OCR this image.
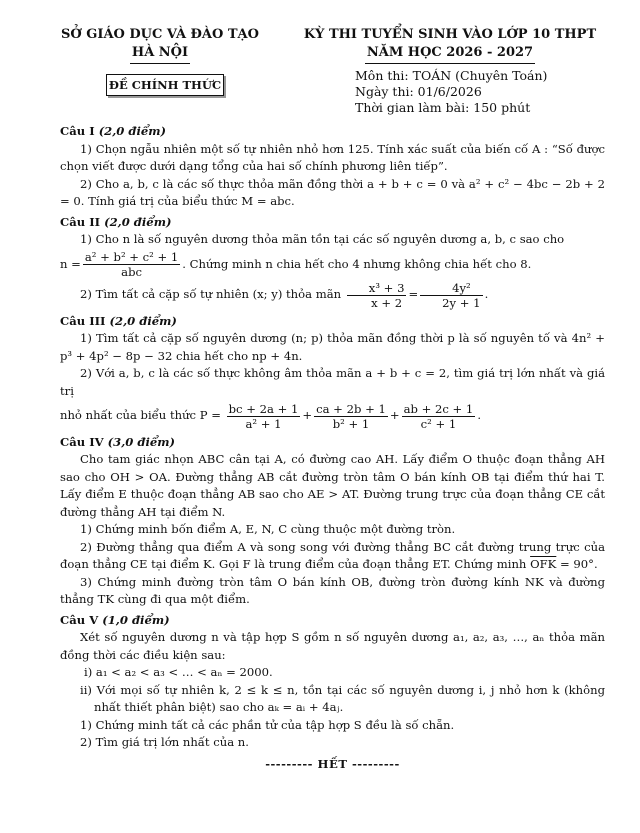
SỞ GIÁO DỤC VÀ ĐÀO TẠO
HÀ NỘI
KỲ THI TUYỂN SINH VÀO LỚP 10 THPT
NĂM HỌC 2026 - 2027
ĐỀ CHÍNH THỨC
Môn thi: TOÁN (Chuyên Toán)
Ngày thi: 01/6/2026
Thời gian làm bài: 150 phút
Câu I (2,0 điểm)

1) Chọn ngẫu nhiên một số tự nhiên nhỏ hơn 125. Tính xác suất của biến cố A : “Số được chọn viết được dưới dạng tổng của hai số chính phương liên tiếp”.

2) Cho a, b, c là các số thực thỏa mãn đồng thời a + b + c = 0 và a² + c² − 4bc − 2b + 2 = 0. Tính giá trị của biểu thức M = abc.

Câu II (2,0 điểm)

1) Cho n là số nguyên dương thỏa mãn tồn tại các số nguyên dương a, b, c sao cho

$n = \frac{\text{a² + b² + c² + 1}}{\text{abc}}$ . Chứng minh n chia hết cho 4 nhưng không chia hết cho 8.

2) Tìm tất cả cặp số tự nhiên (x; y) thỏa mãn $\frac{\text{x³ + 3}}{x + 2} = \frac{\text{4y²}}{2y + 1}$ .

Câu III (2,0 điểm)

1) Tìm tất cả cặp số nguyên dương (n; p) thỏa mãn đồng thời p là số nguyên tố và 4n² + p³ + 4p² − 8p − 32 chia hết cho np + 4n.

2) Với a, b, c là các số thực không âm thỏa mãn a + b + c = 2, tìm giá trị lớn nhất và giá trị

nhỏ nhất của biểu thức $P = \frac{bc + 2a + 1}{\text{a² + 1}} + \frac{ca + 2b + 1}{\text{b² + 1}} + \frac{ab + 2c + 1}{\text{c² + 1}}$ .

Câu IV (3,0 điểm)

Cho tam giác nhọn ABC cân tại A, có đường cao AH. Lấy điểm O thuộc đoạn thẳng AH sao cho OH > OA. Đường thẳng AB cắt đường tròn tâm O bán kính OB tại điểm thứ hai T. Lấy điểm E thuộc đoạn thẳng AB sao cho AE > AT. Đường trung trực của đoạn thẳng CE cắt đường thẳng AH tại điểm N.

1) Chứng minh bốn điểm A, E, N, C cùng thuộc một đường tròn.

2) Đường thẳng qua điểm A và song song với đường thẳng BC cắt đường trung trực của đoạn thẳng CE tại điểm K. Gọi F là trung điểm của đoạn thẳng ET. Chứng minh $\overline{OFK} = 90^\circ$.

3) Chứng minh đường tròn tâm O bán kính OB, đường tròn đường kính NK và đường thẳng TK cùng đi qua một điểm.

Câu V (1,0 điểm)

Xét số nguyên dương n và tập hợp S gồm n số nguyên dương a₁, a₂, a₃, …, aₙ thỏa mãn đồng thời các điều kiện sau:

i) a₁ < a₂ < a₃ < … < aₙ = 2000.

ii) Với mọi số tự nhiên k, 2 ≤ k ≤ n, tồn tại các số nguyên dương i, j nhỏ hơn k (không nhất thiết phân biệt) sao cho aₖ = aᵢ + 4aⱼ.

1) Chứng minh tất cả các phần tử của tập hợp S đều là số chẵn.

2) Tìm giá trị lớn nhất của n.

--------- HẾT ---------
